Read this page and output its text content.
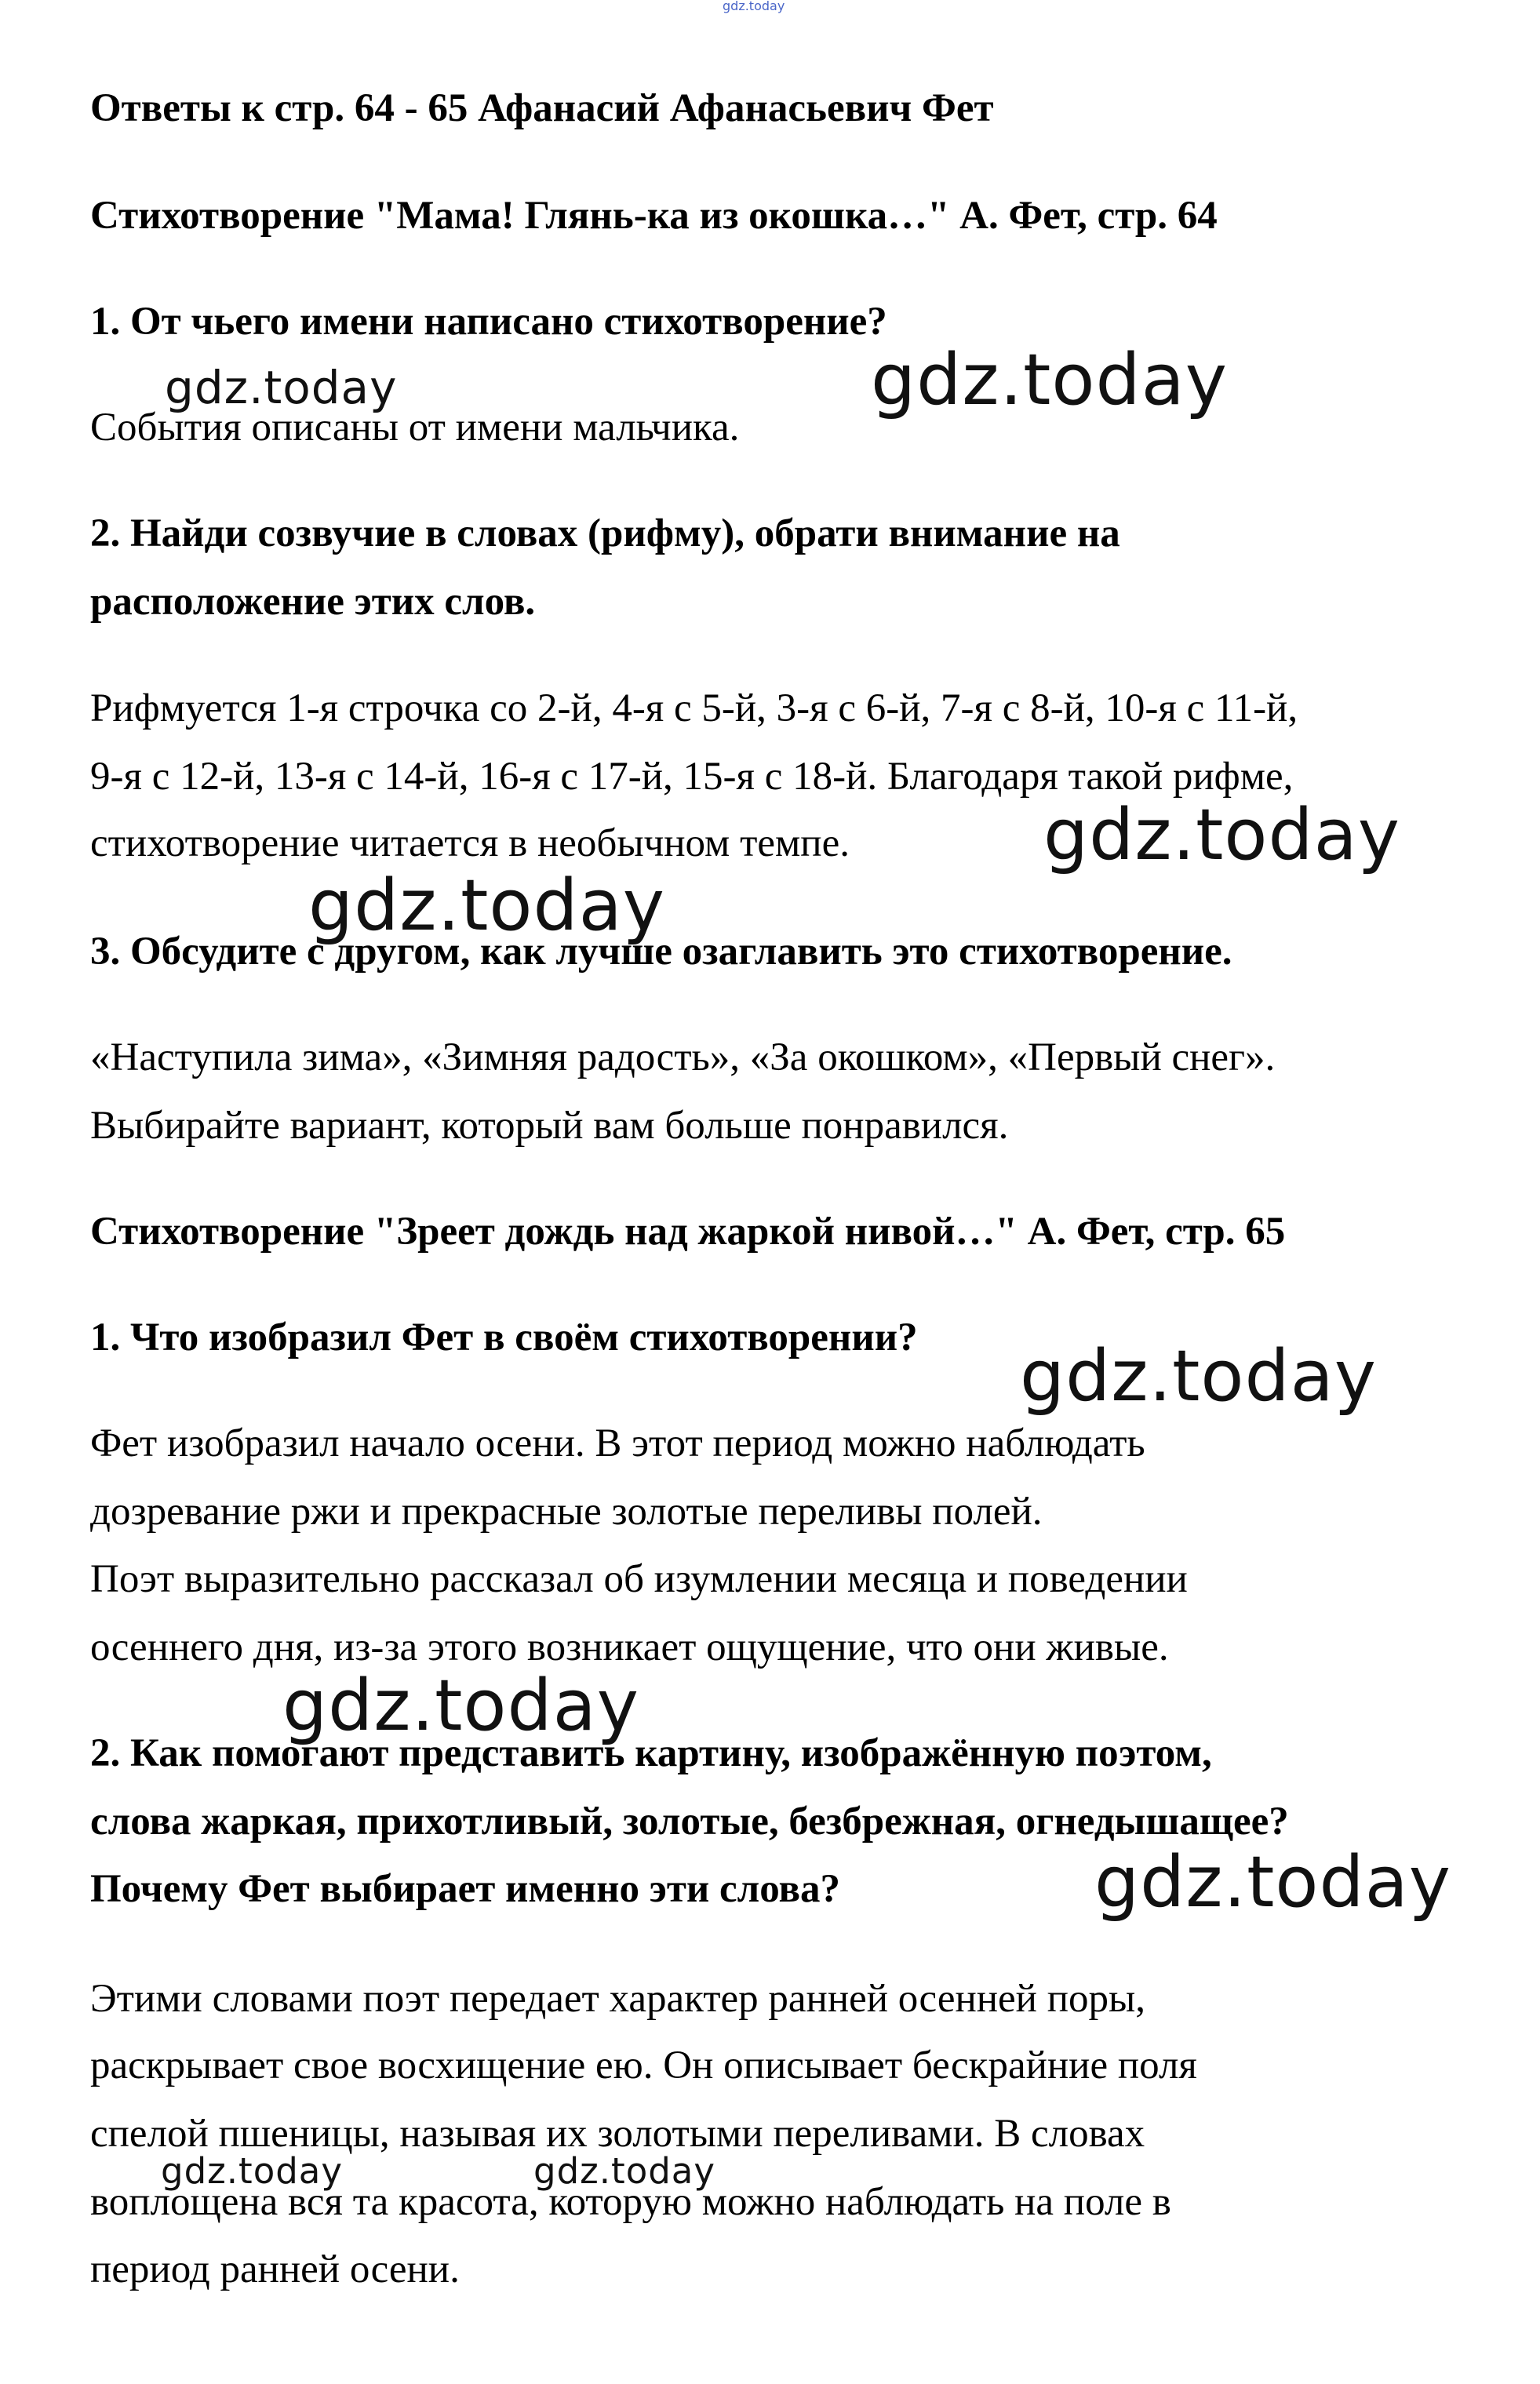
gdz.today

Ответы к стр. 64 - 65 Афанасий Афанасьевич Фет

Стихотворение "Мама! Глянь-ка из окошка…" А. Фет, стр. 64

1. От чьего имени написано стихотворение?

События описаны от имени мальчика.

2. Найди созвучие в словах (рифму), обрати внимание на

расположение этих слов.

Рифмуется 1-я строчка со 2-й, 4-я с 5-й, 3-я с 6-й, 7-я с 8-й, 10-я с 11-й,

9-я с 12-й, 13-я с 14-й, 16-я с 17-й, 15-я с 18-й. Благодаря такой рифме,

стихотворение читается в необычном темпе.

3. Обсудите с другом, как лучше озаглавить это стихотворение.

«Наступила зима», «Зимняя радость», «За окошком», «Первый снег».

Выбирайте вариант, который вам больше понравился.

Стихотворение "Зреет дождь над жаркой нивой…" А. Фет, стр. 65

1. Что изобразил Фет в своём стихотворении?

Фет изобразил начало осени. В этот период можно наблюдать

дозревание ржи и прекрасные золотые переливы полей.

Поэт выразительно рассказал об изумлении месяца и поведении

осеннего дня, из-за этого возникает ощущение, что они живые.

2. Как помогают представить картину, изображённую поэтом,

слова жаркая, прихотливый, золотые, безбрежная, огнедышащее?

Почему Фет выбирает именно эти слова?

Этими словами поэт передает характер ранней осенней поры,

раскрывает свое восхищение ею. Он описывает бескрайние поля

спелой пшеницы, называя их золотыми переливами. В словах

воплощена вся та красота, которую можно наблюдать на поле в

период ранней осени.

gdz.today	gdz.today
gdz.today
gdz.today
gdz.today
gdz.today
gdz.today
gdz.today	gdz.today
